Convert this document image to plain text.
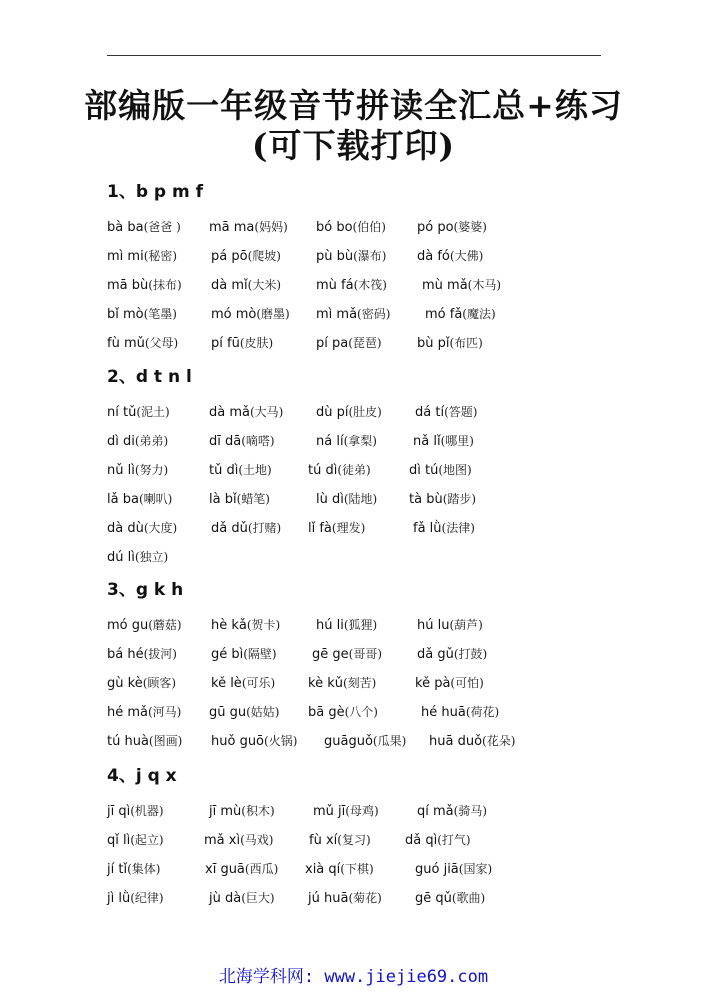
部编版一年级音节拼读全汇总+练习
(可下载打印)
1、b p m f
bà ba(爸爸 ) mā ma(妈妈) bó bo(伯伯) pó po(婆婆)
mì mi(秘密)	pá pō(爬坡)	pù bù(瀑布) dà fó(大佛)
mā bù(抹布) dà mǐ(大米)	mù fá(木筏)	mù mǎ(木马)
bǐ mò(笔墨)	mó mò(磨墨) mì mǎ(密码)	mó fǎ(魔法)
fù mǔ(父母)	pí fū(皮肤)	pí pa(琵琶)	bù pǐ(布匹)
2、d t n l
ní tǔ(泥土)	dà mǎ(大马)	dù pí(肚皮)	dá tí(答题)
dì di(弟弟)	dī dā(嘀嗒)	ná lí(拿梨)	nǎ lǐ(哪里)
nǔ lì(努力)	tǔ dì(土地)	tú dì(徒弟)	dì tú(地图)
lǎ ba(喇叭)	là bǐ(蜡笔)	lù dì(陆地) tà bù(踏步)
dà dù(大度)	dǎ dǔ(打赌) lǐ fà(理发)	fǎ lǜ(法律)
dú lì(独立)
3、g k h
mó gu(蘑菇) hè kǎ(贺卡)	hú li(狐狸)	hú lu(葫芦)
bá hé(拔河)	gé bì(隔壁)	gē ge(哥哥)	dǎ gǔ(打鼓)
gù kè(顾客)	kě lè(可乐)	kè kǔ(刻苦)	kě pà(可怕)
hé mǎ(河马) gū gu(姑姑) bā gè(八个)	hé huā(荷花)
tú huà(图画) huǒ guō(火锅) guāguǒ(瓜果) huā duǒ(花朵)
4、j q x
jī qì(机器)	jī mù(积木)	mǔ jī(母鸡)	qí mǎ(骑马)
qǐ lì(起立)	mǎ xì(马戏)	fù xí(复习)	dǎ qì(打气)
jí tǐ(集体)	xī guā(西瓜) xià qí(下棋)	guó jiā(国家)
jì lǜ(纪律)	jù dà(巨大)	jú huā(菊花)	gē qǔ(歌曲)
北海学科网: www.jiejie69.com
